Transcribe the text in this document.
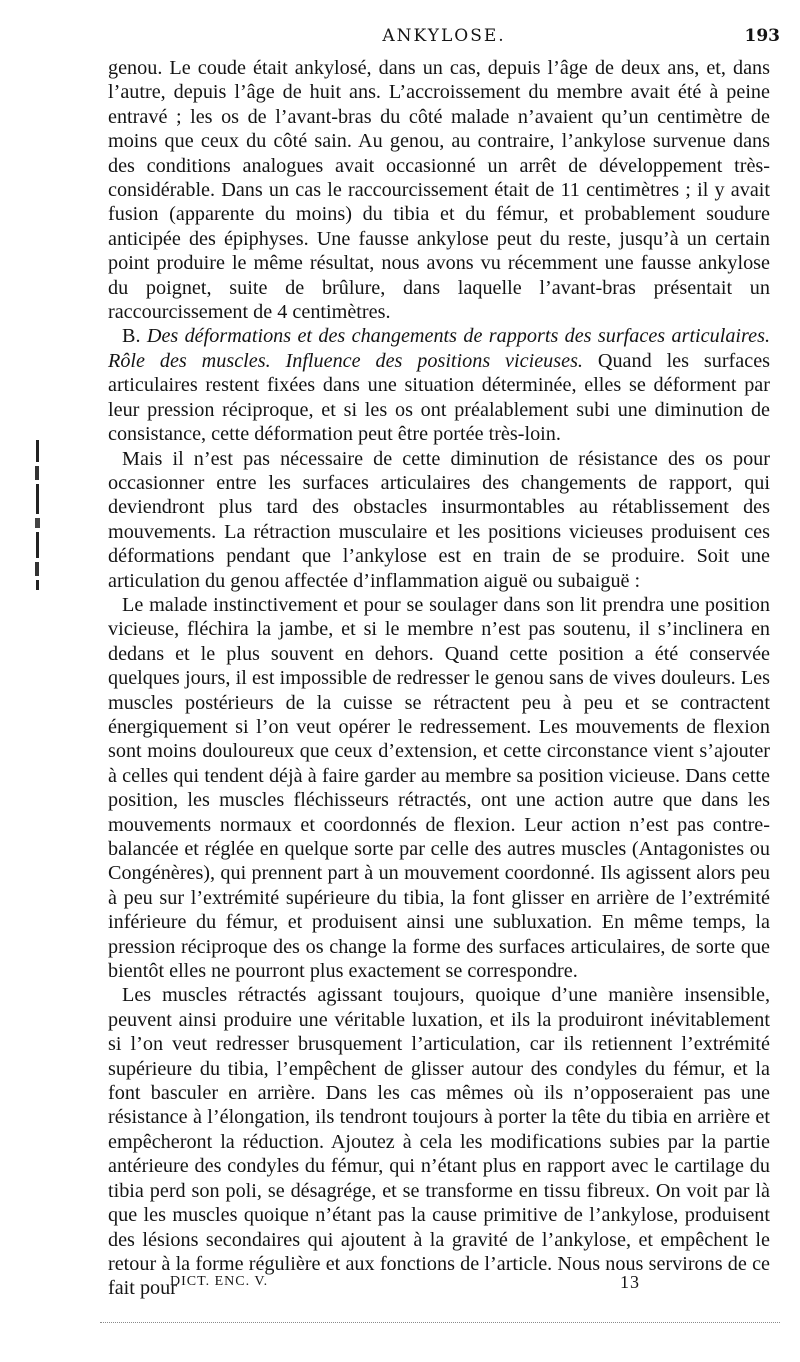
ANKYLOSE.	193

genou. Le coude était ankylosé, dans un cas, depuis l’âge de deux ans, et, dans l’autre, depuis l’âge de huit ans. L’accroissement du membre avait été à peine entravé ; les os de l’avant-bras du côté malade n’avaient qu’un centimètre de moins que ceux du côté sain. Au genou, au contraire, l’ankylose survenue dans des conditions analogues avait occasionné un arrêt de développement très-considérable. Dans un cas le raccourcissement était de 11 centimètres ; il y avait fusion (apparente du moins) du tibia et du fémur, et probablement soudure anticipée des épiphyses. Une fausse ankylose peut du reste, jusqu’à un certain point produire le même résultat, nous avons vu récemment une fausse ankylose du poignet, suite de brûlure, dans laquelle l’avant-bras présentait un raccourcissement de 4 centimètres.

B. Des déformations et des changements de rapports des surfaces articulaires. Rôle des muscles. Influence des positions vicieuses. Quand les surfaces articulaires restent fixées dans une situation déterminée, elles se déforment par leur pression réciproque, et si les os ont préalablement subi une diminution de consistance, cette déformation peut être portée très-loin.

Mais il n’est pas nécessaire de cette diminution de résistance des os pour occasionner entre les surfaces articulaires des changements de rapport, qui deviendront plus tard des obstacles insurmontables au rétablissement des mouvements. La rétraction musculaire et les positions vicieuses produisent ces déformations pendant que l’ankylose est en train de se produire. Soit une articulation du genou affectée d’inflammation aiguë ou subaiguë :

Le malade instinctivement et pour se soulager dans son lit prendra une position vicieuse, fléchira la jambe, et si le membre n’est pas soutenu, il s’inclinera en dedans et le plus souvent en dehors. Quand cette position a été conservée quelques jours, il est impossible de redresser le genou sans de vives douleurs. Les muscles postérieurs de la cuisse se rétractent peu à peu et se contractent énergiquement si l’on veut opérer le redressement. Les mouvements de flexion sont moins douloureux que ceux d’extension, et cette circonstance vient s’ajouter à celles qui tendent déjà à faire garder au membre sa position vicieuse. Dans cette position, les muscles fléchisseurs rétractés, ont une action autre que dans les mouvements normaux et coordonnés de flexion. Leur action n’est pas contre-balancée et réglée en quelque sorte par celle des autres muscles (Antagonistes ou Congénères), qui prennent part à un mouvement coordonné. Ils agissent alors peu à peu sur l’extrémité supérieure du tibia, la font glisser en arrière de l’extrémité inférieure du fémur, et produisent ainsi une subluxation. En même temps, la pression réciproque des os change la forme des surfaces articulaires, de sorte que bientôt elles ne pourront plus exactement se correspondre.

Les muscles rétractés agissant toujours, quoique d’une manière insensible, peuvent ainsi produire une véritable luxation, et ils la produiront inévitablement si l’on veut redresser brusquement l’articulation, car ils retiennent l’extrémité supérieure du tibia, l’empêchent de glisser autour des condyles du fémur, et la font basculer en arrière. Dans les cas mêmes où ils n’opposeraient pas une résistance à l’élongation, ils tendront toujours à porter la tête du tibia en arrière et empêcheront la réduction. Ajoutez à cela les modifications subies par la partie antérieure des condyles du fémur, qui n’étant plus en rapport avec le cartilage du tibia perd son poli, se désagrége, et se transforme en tissu fibreux. On voit par là que les muscles quoique n’étant pas la cause primitive de l’ankylose, produisent des lésions secondaires qui ajoutent à la gravité de l’ankylose, et empêchent le retour à la forme régulière et aux fonctions de l’article. Nous nous servirons de ce fait pour

DICT. ENC. V.	13
